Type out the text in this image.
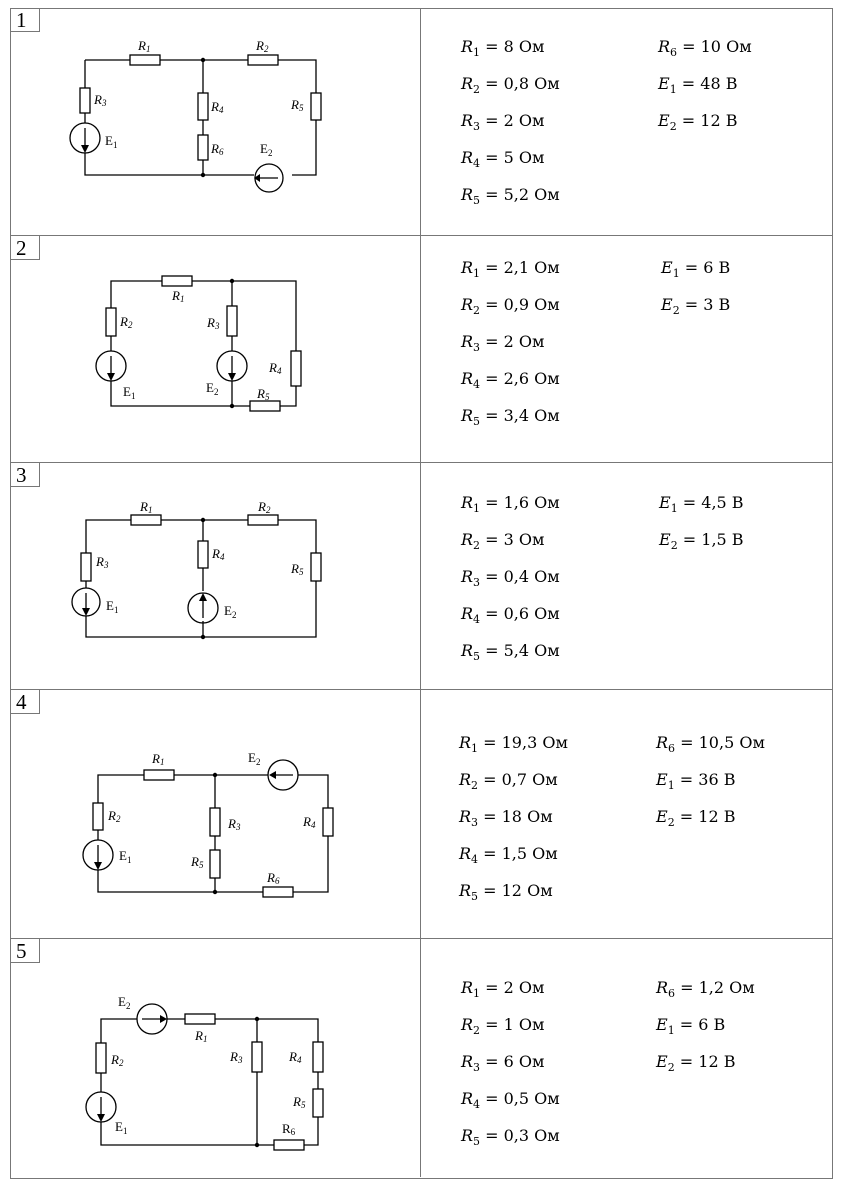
1
R1	R2
R3	R4
R6
R5
$E_1$	$E_2$
$R_1 = 8$ Ом
$R_2 = 0,8$ Ом
$R_3 = 2$ Ом
$R_4 = 5$ Ом
$R_5 = 5,2$ Ом
$R_6 = 10$ Ом
$E_1 = 48$ В
$E_2 = 12$ В
2
R1
R2	R3
R4
R5
$E_1$
$E_2$
$R_1 = 2,1$ Ом
$R_2 = 0,9$ Ом
$R_3 = 2$ Ом
$R_4 = 2,6$ Ом
$R_5 = 3,4$ Ом
$E_1 = 6$ В
$E_2 = 3$ В
3
R1	R2
R3
R4
R5
$E_1$	$E_2$
$R_1 = 1,6$ Ом
$R_2 = 3$ Ом
$R_3 = 0,4$ Ом
$R_4 = 0,6$ Ом
$R_5 = 5,4$ Ом
$E_1 = 4,5$ В
$E_2 = 1,5$ В
4
R1
R2	R3	R4
R5
R6
$E_1$
$E_2$
$R_1 = 19,3$ Ом
$R_2 = 0,7$ Ом
$R_3 = 18$ Ом
$R_4 = 1,5$ Ом
$R_5 = 12$ Ом
$R_6 = 10,5$ Ом
$E_1 = 36$ В
$E_2 = 12$ В
5
R1
R2	R3	R4
R5
R6
$E_1$
$E_2$
$R_1 = 2$ Ом
$R_2 = 1$ Ом
$R_3 = 6$ Ом
$R_4 = 0,5$ Ом
$R_5 = 0,3$ Ом
$R_6 = 1,2$ Ом
$E_1 = 6$ В
$E_2 = 12$ В
